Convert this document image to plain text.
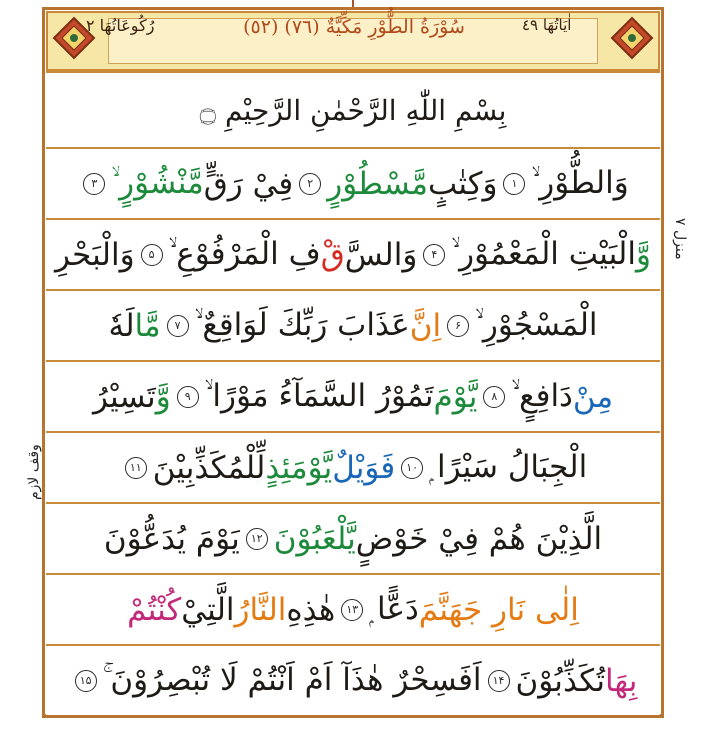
رُكُوعَاتُهَا ٢	(٥٢) سُوْرَةُ الطُّوْرِ مَكِّيَّةٌ (٧٦)	اٰيَاتُهَا ٤٩
بِسْمِ اللّٰهِ الرَّحْمٰنِ الرَّحِيْمِ ۝
وَالطُّوْرِ ۙ
۱
وَكِتٰبٍ
مَّسْطُوْرٍ
۲
فِيْ رَقٍّ
مَّنْشُوْرٍ ۙ
۳
وَّ
الْبَيْتِ الْمَعْمُوْرِ ۙ
۴
وَالسَّ
قْ
فِ الْمَرْفُوْعِ ۙ
۵
وَالْبَحْرِ
الْمَسْجُوْرِ ۙ
۶
اِنَّ
عَذَابَ رَبِّكَ لَوَاقِعٌ ۙ
۷
مَّا
لَهٗ
مِنْ
دَافِعٍ ۙ
۸
يَّوْمَ
تَمُوْرُ السَّمَآءُ مَوْرًا ۙ
۹
وَّ
تَسِيْرُ
الْجِبَالُ سَيْرًا ۭ
۱۰
فَوَيْلٌ
يَّوْمَئِذٍ
لِّلْمُكَذِّبِيْنَ
۱۱
الَّذِيْنَ هُمْ فِيْ خَوْضٍ
يَّلْعَبُوْنَ
۱۲
يَوْمَ يُدَعُّوْنَ
اِلٰى نَارِ جَهَنَّمَ
دَعًّا ۭ
۱۳
هٰذِهِ
النَّارُ
الَّتِيْ
كُنْتُمْ
بِهَا
تُكَذِّبُوْنَ
۱۴
اَفَسِحْرٌ هٰذَآ اَمْ اَنْتُمْ لَا تُبْصِرُوْنَ ۚ
۱۵
منزل ٧
وقف لازم
